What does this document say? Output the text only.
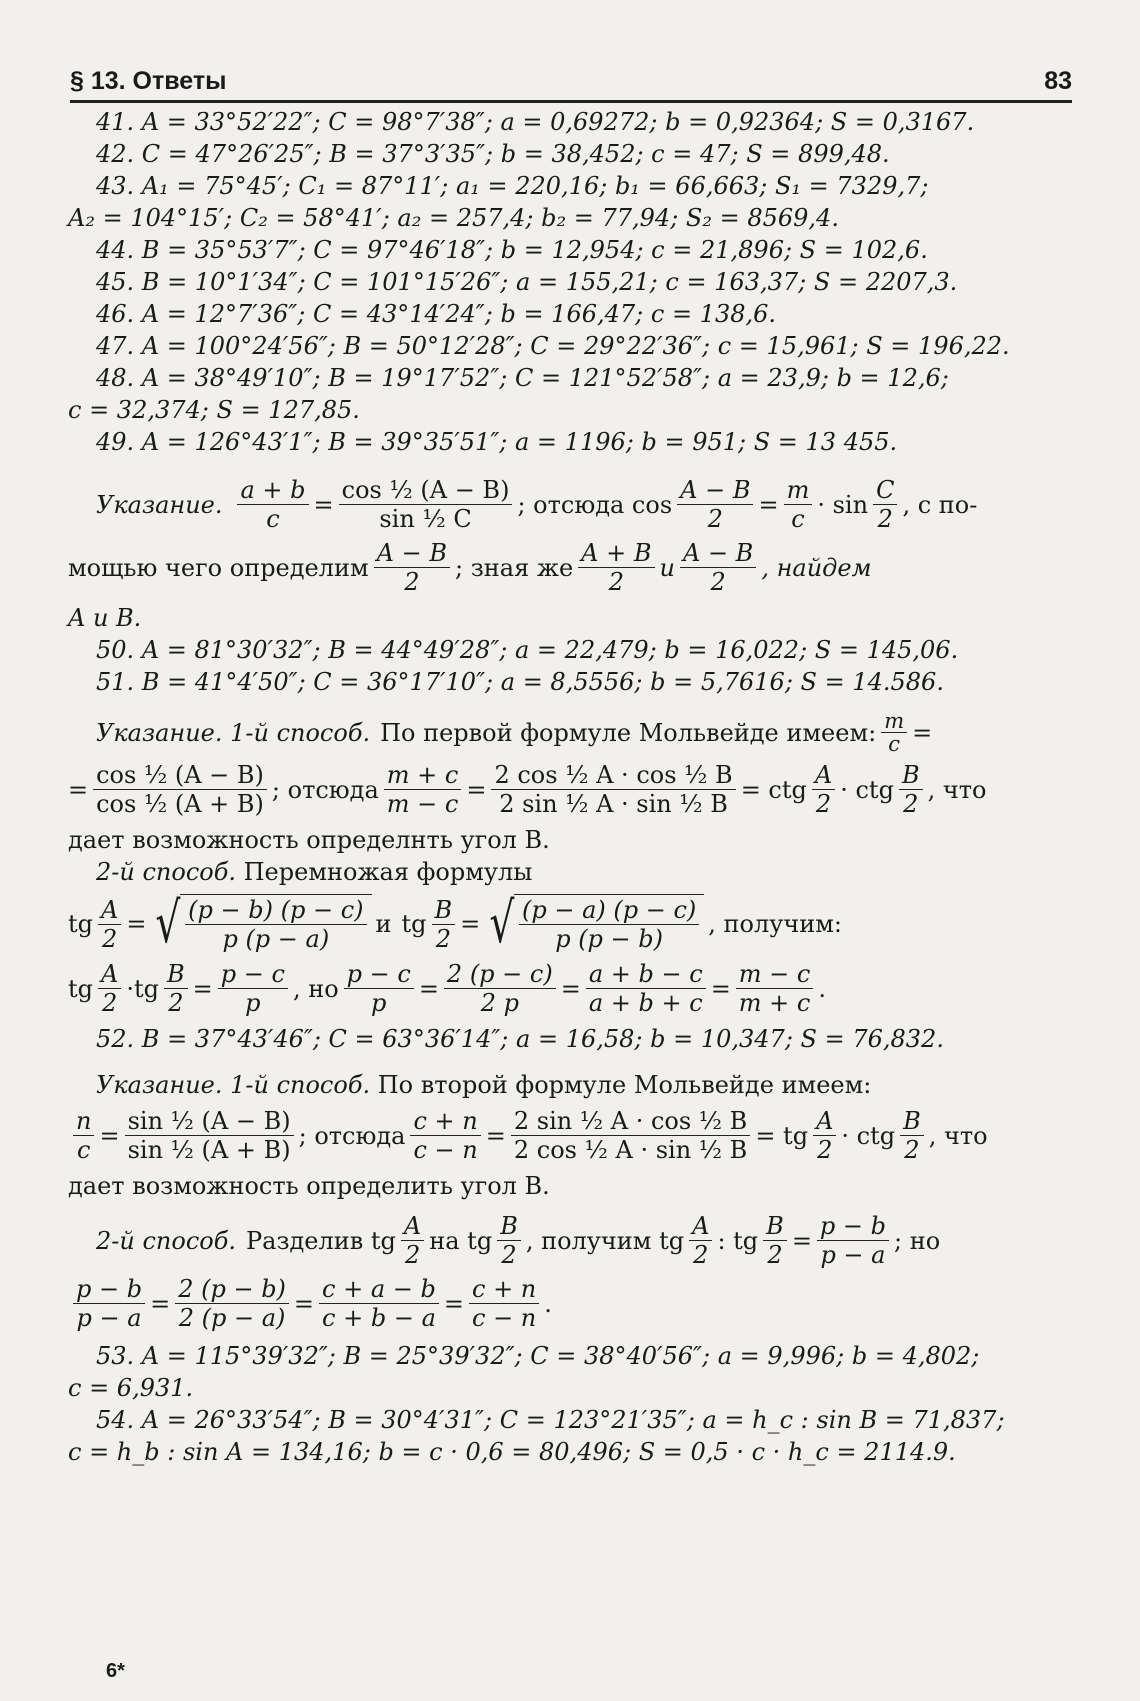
§ 13. Ответы	83
41. A = 33°52′22″; C = 98°7′38″; a = 0,69272; b = 0,92364; S = 0,3167.
42. C = 47°26′25″; B = 37°3′35″; b = 38,452; c = 47; S = 899,48.
43. A₁ = 75°45′; C₁ = 87°11′; a₁ = 220,16; b₁ = 66,663; S₁ = 7329,7;
A₂ = 104°15′; C₂ = 58°41′; a₂ = 257,4; b₂ = 77,94; S₂ = 8569,4.
44. B = 35°53′7″; C = 97°46′18″; b = 12,954; c = 21,896; S = 102,6.
45. B = 10°1′34″; C = 101°15′26″; a = 155,21; c = 163,37; S = 2207,3.
46. A = 12°7′36″; C = 43°14′24″; b = 166,47; c = 138,6.
47. A = 100°24′56″; B = 50°12′28″; C = 29°22′36″; c = 15,961; S = 196,22.
48. A = 38°49′10″; B = 19°17′52″; C = 121°52′58″; a = 23,9; b = 12,6;
c = 32,374; S = 127,85.
49. A = 126°43′1″; B = 39°35′51″; a = 1196; b = 951; S = 13 455.
Указание. $\frac{a + b}{c} = \frac{\text{cos ½ (A − B)}}{\text{sin ½ C}}$ ; отсюда $\cos \frac{A - B}{2} = \frac{m}{c} \cdot \sin \frac{C}{2}$ , с по-
мощью чего определим $\frac{A - B}{2}$ ; зная же $\frac{A + B}{2}$ и $\frac{A - B}{2}$ , найдем
A и B.
50. A = 81°30′32″; B = 44°49′28″; a = 22,479; b = 16,022; S = 145,06.
51. B = 41°4′50″; C = 36°17′10″; a = 8,5556; b = 5,7616; S = 14.586.
Указание. 1-й способ. По первой формуле Мольвейде имеем: $\frac{m}{c}$ =
= $\frac{\text{cos ½ (A − B)}}{\text{cos ½ (A + B)}}$ ; отсюда $\frac{m + c}{m - c} = \frac{\text{2 cos ½ A · cos ½ B}}{\text{2 sin ½ A · sin ½ B}}$ = ctg $\frac{A}{2}$ · ctg $\frac{B}{2}$ , что
дает возможность определнть угол B.
2-й способ. Перемножая формулы
tg $\frac{A}{2}$ = √ $\frac{(p - b) (p - c)}{p (p - a)}$ и tg $\frac{B}{2}$ = √ $\frac{(p - a) (p - c)}{p (p - b)}$ , получим:
tg $\frac{A}{2}$ · tg $\frac{B}{2} = \frac{p - c}{p}$ , но $\frac{p - c}{p} = \frac{2 (p - c)}{2 p} = \frac{a + b - c}{a + b + c} = \frac{m - c}{m + c}$ .
52. B = 37°43′46″; C = 63°36′14″; a = 16,58; b = 10,347; S = 76,832.
Указание. 1-й способ. По второй формуле Мольвейде имеем:
$\frac{n}{c} = \frac{\text{sin ½ (A − B)}}{\text{sin ½ (A + B)}}$ ; отсюда $\frac{c + n}{c - n} = \frac{\text{2 sin ½ A · cos ½ B}}{\text{2 cos ½ A · sin ½ B}}$ = tg $\frac{A}{2}$ · ctg $\frac{B}{2}$ , что
дает возможность определить угол B.
2-й способ. Разделив tg $\frac{A}{2}$ на tg $\frac{B}{2}$ , получим tg $\frac{A}{2}$ : tg $\frac{B}{2} = \frac{p - b}{p - a}$ ; но
$\frac{p - b}{p - a} = \frac{2 (p - b)}{2 (p - a)} = \frac{c + a - b}{c + b - a} = \frac{c + n}{c - n}$ .
53. A = 115°39′32″; B = 25°39′32″; C = 38°40′56″; a = 9,996; b = 4,802;
c = 6,931.
54. A = 26°33′54″; B = 30°4′31″; C = 123°21′35″; a = h_c : sin B = 71,837;
c = h_b : sin A = 134,16; b = c · 0,6 = 80,496; S = 0,5 · c · h_c = 2114.9.
6*
